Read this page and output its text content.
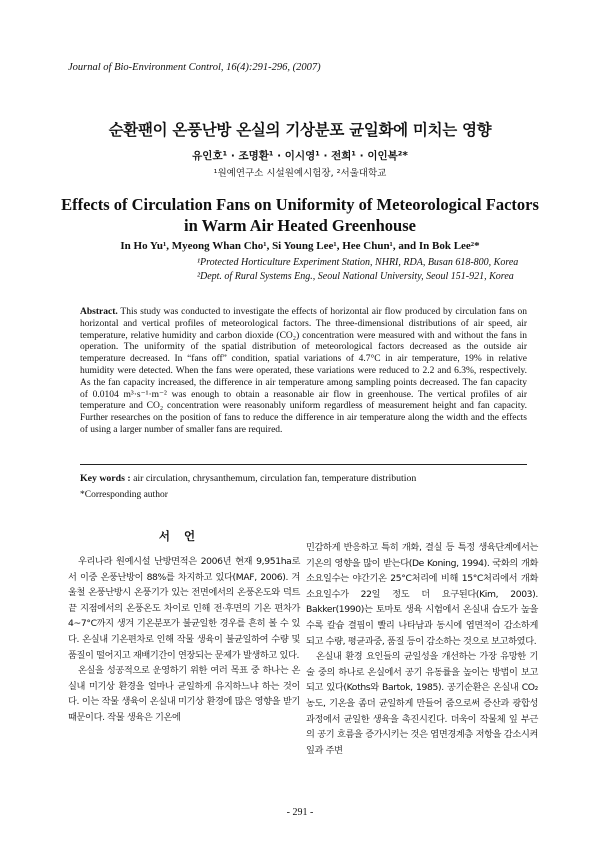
Journal of Bio-Environment Control, 16(4):291-296, (2007)
순환팬이 온풍난방 온실의 기상분포 균일화에 미치는 영향
유인호¹ · 조명환¹ · 이시영¹ · 전희¹ · 이인복²*
¹원예연구소 시설원예시험장, ²서울대학교
Effects of Circulation Fans on Uniformity of Meteorological Factors
in Warm Air Heated Greenhouse
In Ho Yu¹, Myeong Whan Cho¹, Si Young Lee¹, Hee Chun¹, and In Bok Lee²*
¹Protected Horticulture Experiment Station, NHRI, RDA, Busan 618-800, Korea
²Dept. of Rural Systems Eng., Seoul National University, Seoul 151-921, Korea
Abstract. This study was conducted to investigate the effects of horizontal air flow produced by circulation fans on horizontal and vertical profiles of meteorological factors. The three-dimensional distributions of air speed, air temperature, relative humidity and carbon dioxide (CO₂) concentration were measured with and without the fans in operation. The uniformity of the spatial distribution of meteorological factors decreased as the outside air temperature decreased. In “fans off” condition, spatial variations of 4.7°C in air temperature, 19% in relative humidity were detected. When the fans were operated, these variations were reduced to 2.2 and 6.3%, respectively. As the fan capacity increased, the difference in air temperature among sampling points decreased. The fan capacity of 0.0104 m³·s⁻¹·m⁻² was enough to obtain a reasonable air flow in greenhouse. The vertical profiles of air temperature and CO₂ concentration were reasonably uniform regardless of measurement height and fan capacity. Further researches on the position of fans to reduce the difference in air temperature along the width and the effects of using a larger number of smaller fans are required.
Key words : air circulation, chrysanthemum, circulation fan, temperature distribution
*Corresponding author
서언

우리나라 원예시설 난방면적은 2006년 현재 9,951ha로서 이중 온풍난방이 88%를 차지하고 있다(MAF, 2006). 겨울철 온풍난방시 온풍기가 있는 전면에서의 온풍온도와 덕트 끝 지점에서의 온풍온도 차이로 인해 전·후면의 기온 편차가 4~7°C까지 생겨 기온분포가 불균일한 경우를 흔히 볼 수 있다. 온실내 기온편차로 인해 작물 생육이 불균일하여 수량 및 품질이 떨어지고 재배기간이 연장되는 문제가 발생하고 있다.

온실을 성공적으로 운영하기 위한 여러 목표 중 하나는 온실내 미기상 환경을 얼마나 균일하게 유지하느냐 하는 것이다. 이는 작물 생육이 온실내 미기상 환경에 많은 영향을 받기 때문이다. 작물 생육은 기온에

민감하게 반응하고 특히 개화, 결실 등 특정 생육단계에서는 기온의 영향을 많이 받는다(De Koning, 1994). 국화의 개화소요일수는 야간기온 25°C처리에 비해 15°C처리에서 개화소요일수가 22일 정도 더 요구된다(Kim, 2003). Bakker(1990)는 토마토 생육 시험에서 온실내 습도가 높을수록 칼슘 결핍이 빨리 나타남과 동시에 엽면적이 감소하게 되고 수량, 평균과중, 품질 등이 감소하는 것으로 보고하였다.

온실내 환경 요인들의 균일성을 개선하는 가장 유망한 기술 중의 하나로 온실에서 공기 유동률을 높이는 방법이 보고되고 있다(Koths와 Bartok, 1985). 공기순환은 온실내 CO₂ 농도, 기온을 좀더 균일하게 만들어 줌으로써 증산과 광합성 과정에서 균일한 생육을 촉진시킨다. 더욱이 작물체 잎 부근의 공기 흐름을 증가시키는 것은 엽면경계층 저항을 감소시켜 잎과 주변

- 291 -
